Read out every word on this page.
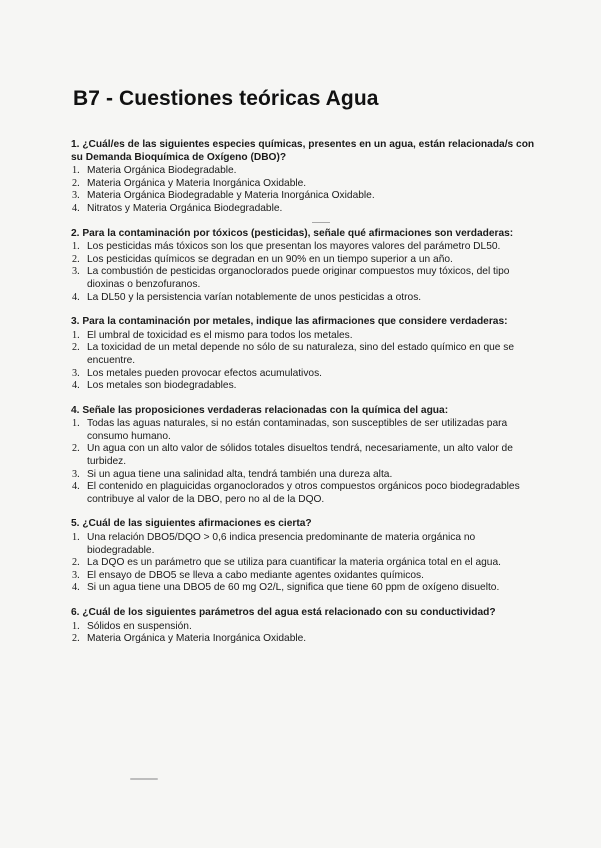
B7 - Cuestiones teóricas Agua
1. ¿Cuál/es de las siguientes especies químicas, presentes en un agua, están relacionada/s con su Demanda Bioquímica de Oxígeno (DBO)?
1. Materia Orgánica Biodegradable.
2. Materia Orgánica y Materia Inorgánica Oxidable.
3. Materia Orgánica Biodegradable y Materia Inorgánica Oxidable.
4. Nitratos y Materia Orgánica Biodegradable.
2. Para la contaminación por tóxicos (pesticidas), señale qué afirmaciones son verdaderas:
1. Los pesticidas más tóxicos son los que presentan los mayores valores del parámetro DL50.
2. Los pesticidas químicos se degradan en un 90% en un tiempo superior a un año.
3. La combustión de pesticidas organoclorados puede originar compuestos muy tóxicos, del tipo dioxinas o benzofuranos.
4. La DL50 y la persistencia varían notablemente de unos pesticidas a otros.
3. Para la contaminación por metales, indique las afirmaciones que considere verdaderas:
1. El umbral de toxicidad es el mismo para todos los metales.
2. La toxicidad de un metal depende no sólo de su naturaleza, sino del estado químico en que se encuentre.
3. Los metales pueden provocar efectos acumulativos.
4. Los metales son biodegradables.
4. Señale las proposiciones verdaderas relacionadas con la química del agua:
1. Todas las aguas naturales, si no están contaminadas, son susceptibles de ser utilizadas para consumo humano.
2. Un agua con un alto valor de sólidos totales disueltos tendrá, necesariamente, un alto valor de turbidez.
3. Si un agua tiene una salinidad alta, tendrá también una dureza alta.
4. El contenido en plaguicidas organoclorados y otros compuestos orgánicos poco biodegradables contribuye al valor de la DBO, pero no al de la DQO.
5. ¿Cuál de las siguientes afirmaciones es cierta?
1. Una relación DBO5/DQO > 0,6 indica presencia predominante de materia orgánica no biodegradable.
2. La DQO es un parámetro que se utiliza para cuantificar la materia orgánica total en el agua.
3. El ensayo de DBO5 se lleva a cabo mediante agentes oxidantes químicos.
4. Si un agua tiene una DBO5 de 60 mg O2/L, significa que tiene 60 ppm de oxígeno disuelto.
6. ¿Cuál de los siguientes parámetros del agua está relacionado con su conductividad?
1. Sólidos en suspensión.
2. Materia Orgánica y Materia Inorgánica Oxidable.
